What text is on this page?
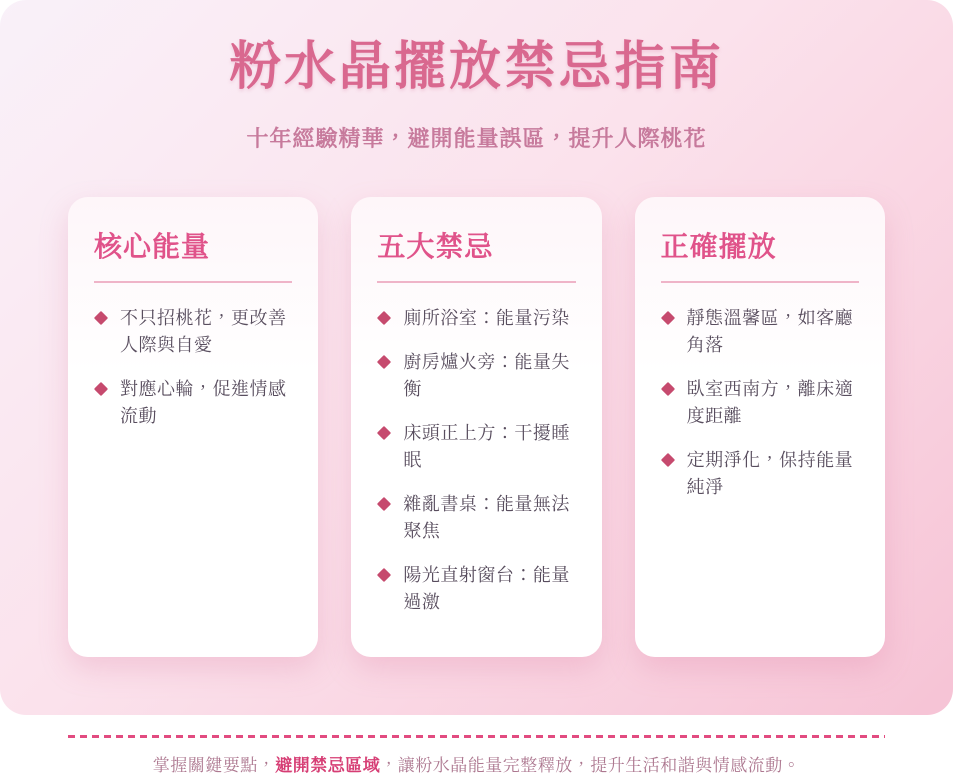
粉水晶擺放禁忌指南

十年經驗精華，避開能量誤區，提升人際桃花

核心能量
不只招桃花，更改善人際與自愛
對應心輪，促進情感流動
五大禁忌
廁所浴室：能量污染
廚房爐火旁：能量失衡
床頭正上方：干擾睡眠
雜亂書桌：能量無法聚焦
陽光直射窗台：能量過激
正確擺放
靜態溫馨區，如客廳角落
臥室西南方，離床適度距離
定期淨化，保持能量純淨

掌握關鍵要點，避開禁忌區域，讓粉水晶能量完整釋放，提升生活和諧與情感流動。
